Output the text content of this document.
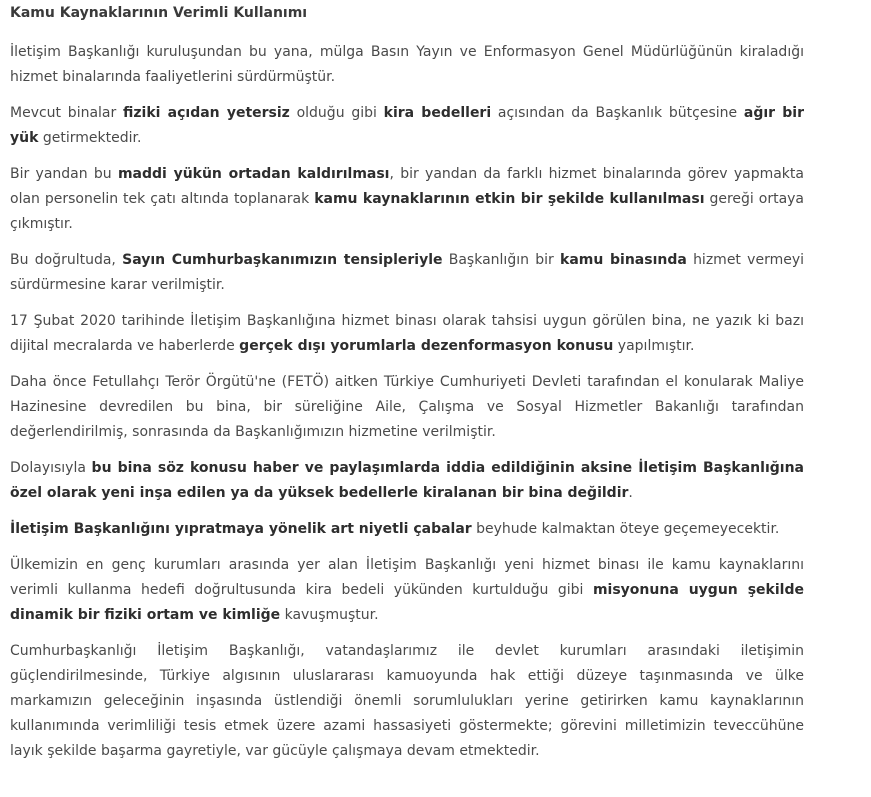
Kamu Kaynaklarının Verimli Kullanımı

İletişim Başkanlığı kuruluşundan bu yana, mülga Basın Yayın ve Enformasyon Genel Müdürlüğünün kiraladığı hizmet binalarında faaliyetlerini sürdürmüştür.

Mevcut binalar fiziki açıdan yetersiz olduğu gibi kira bedelleri açısından da Başkanlık bütçesine ağır bir yük getirmektedir.

Bir yandan bu maddi yükün ortadan kaldırılması, bir yandan da farklı hizmet binalarında görev yapmakta olan personelin tek çatı altında toplanarak kamu kaynaklarının etkin bir şekilde kullanılması gereği ortaya çıkmıştır.

Bu doğrultuda, Sayın Cumhurbaşkanımızın tensipleriyle Başkanlığın bir kamu binasında hizmet vermeyi sürdürmesine karar verilmiştir.

17 Şubat 2020 tarihinde İletişim Başkanlığına hizmet binası olarak tahsisi uygun görülen bina, ne yazık ki bazı dijital mecralarda ve haberlerde gerçek dışı yorumlarla dezenformasyon konusu yapılmıştır.

Daha önce Fetullahçı Terör Örgütü'ne (FETÖ) aitken Türkiye Cumhuriyeti Devleti tarafından el konularak Maliye Hazinesine devredilen bu bina, bir süreliğine Aile, Çalışma ve Sosyal Hizmetler Bakanlığı tarafından değerlendirilmiş, sonrasında da Başkanlığımızın hizmetine verilmiştir.

Dolayısıyla bu bina söz konusu haber ve paylaşımlarda iddia edildiğinin aksine İletişim Başkanlığına özel olarak yeni inşa edilen ya da yüksek bedellerle kiralanan bir bina değildir.

İletişim Başkanlığını yıpratmaya yönelik art niyetli çabalar beyhude kalmaktan öteye geçemeyecektir.

Ülkemizin en genç kurumları arasında yer alan İletişim Başkanlığı yeni hizmet binası ile kamu kaynaklarını verimli kullanma hedefi doğrultusunda kira bedeli yükünden kurtulduğu gibi misyonuna uygun şekilde dinamik bir fiziki ortam ve kimliğe kavuşmuştur.

Cumhurbaşkanlığı İletişim Başkanlığı, vatandaşlarımız ile devlet kurumları arasındaki iletişimin güçlendirilmesinde, Türkiye algısının uluslararası kamuoyunda hak ettiği düzeye taşınmasında ve ülke markamızın geleceğinin inşasında üstlendiği önemli sorumlulukları yerine getirirken kamu kaynaklarının kullanımında verimliliği tesis etmek üzere azami hassasiyeti göstermekte; görevini milletimizin teveccühüne layık şekilde başarma gayretiyle, var gücüyle çalışmaya devam etmektedir.
